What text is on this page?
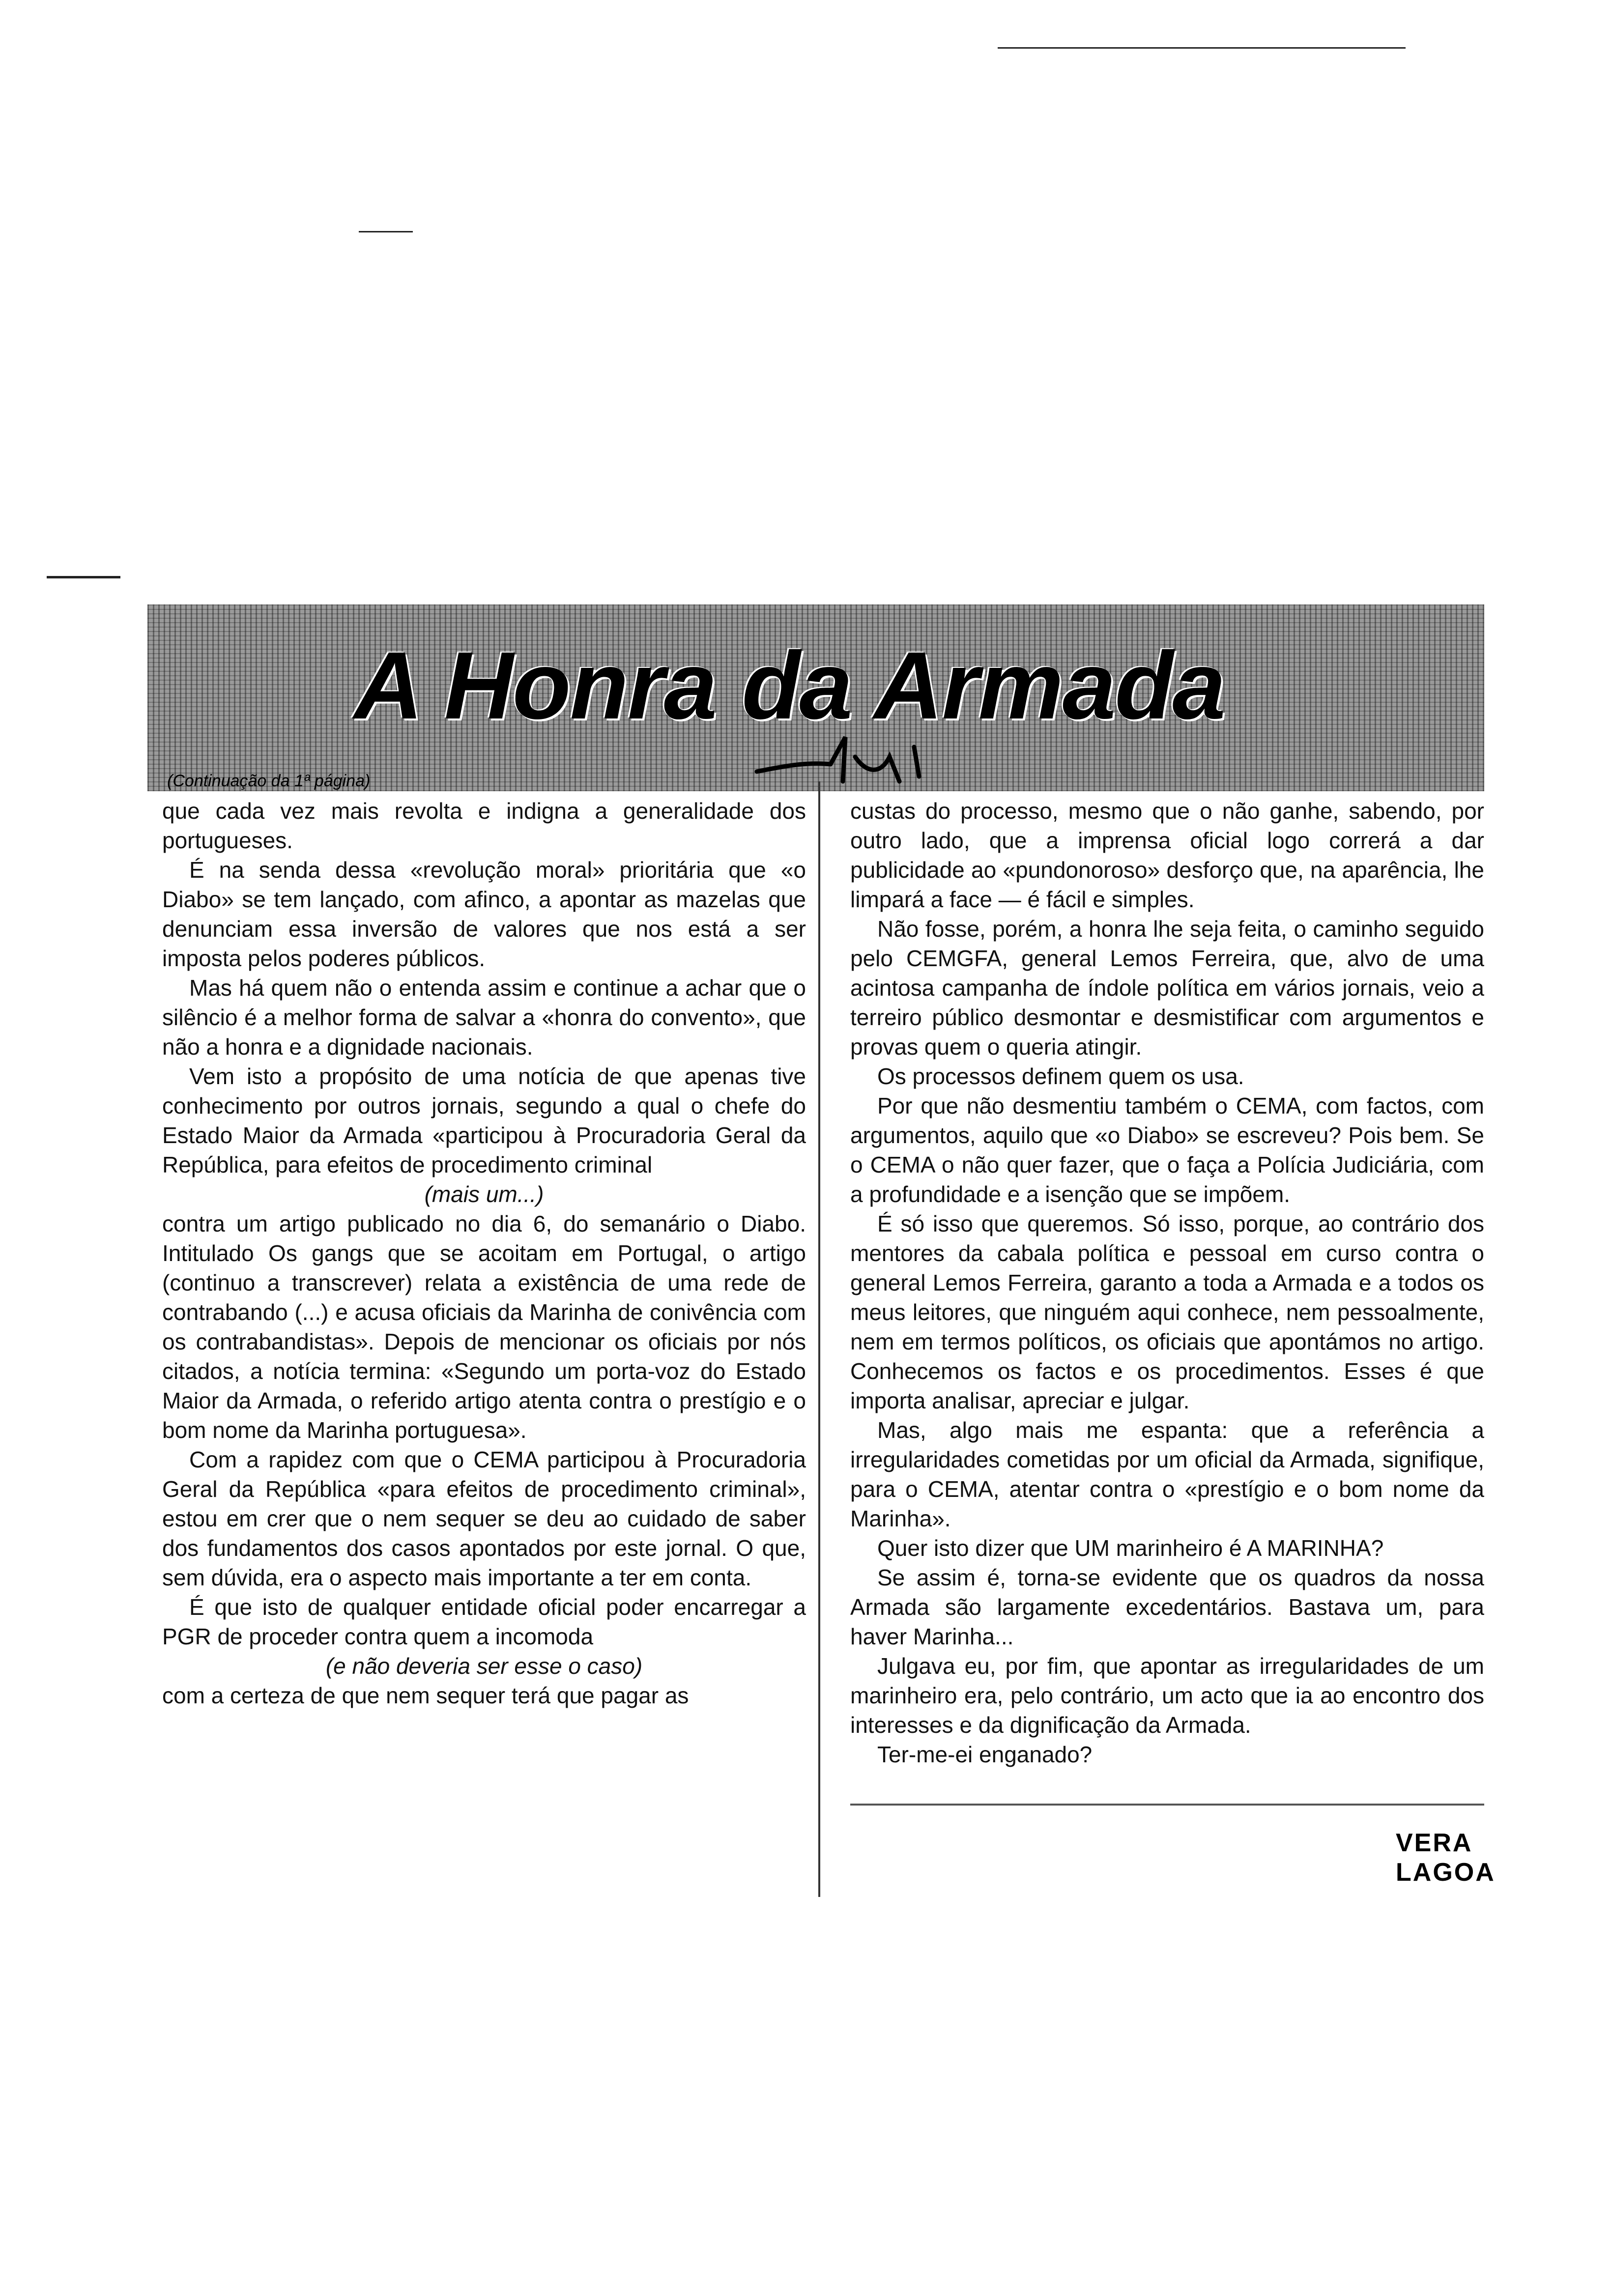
A Honra da Armada
(Continuação da 1ª página)

que cada vez mais revolta e indigna a generalidade dos portugueses.

É na senda dessa «revolução moral» prioritária que «o Diabo» se tem lançado, com afinco, a apontar as mazelas que denunciam essa inversão de valores que nos está a ser imposta pelos poderes públicos.

Mas há quem não o entenda assim e continue a achar que o silêncio é a melhor forma de salvar a «honra do convento», que não a honra e a dignidade nacionais.

Vem isto a propósito de uma notícia de que apenas tive conhecimento por outros jornais, segundo a qual o chefe do Estado Maior da Armada «participou à Procuradoria Geral da República, para efeitos de procedimento criminal

(mais um...)

contra um artigo publicado no dia 6, do semanário o Diabo. Intitulado Os gangs que se acoitam em Portugal, o artigo (continuo a transcrever) relata a existência de uma rede de contrabando (...) e acusa oficiais da Marinha de conivência com os contrabandistas». Depois de mencionar os oficiais por nós citados, a notícia termina: «Segundo um porta-voz do Estado Maior da Armada, o referido artigo atenta contra o prestígio e o bom nome da Marinha portuguesa».

Com a rapidez com que o CEMA participou à Procuradoria Geral da República «para efeitos de procedimento criminal», estou em crer que o nem sequer se deu ao cuidado de saber dos fundamentos dos casos apontados por este jornal. O que, sem dúvida, era o aspecto mais importante a ter em conta.

É que isto de qualquer entidade oficial poder encarregar a PGR de proceder contra quem a incomoda

(e não deveria ser esse o caso)

com a certeza de que nem sequer terá que pagar as

custas do processo, mesmo que o não ganhe, sabendo, por outro lado, que a imprensa oficial logo correrá a dar publicidade ao «pundonoroso» desforço que, na aparência, lhe limpará a face — é fácil e simples.

Não fosse, porém, a honra lhe seja feita, o caminho seguido pelo CEMGFA, general Lemos Ferreira, que, alvo de uma acintosa campanha de índole política em vários jornais, veio a terreiro público desmontar e desmistificar com argumentos e provas quem o queria atingir.

Os processos definem quem os usa.

Por que não desmentiu também o CEMA, com factos, com argumentos, aquilo que «o Diabo» se escreveu? Pois bem. Se o CEMA o não quer fazer, que o faça a Polícia Judiciária, com a profundidade e a isenção que se impõem.

É só isso que queremos. Só isso, porque, ao contrário dos mentores da cabala política e pessoal em curso contra o general Lemos Ferreira, garanto a toda a Armada e a todos os meus leitores, que ninguém aqui conhece, nem pessoalmente, nem em termos políticos, os oficiais que apontámos no artigo. Conhecemos os factos e os procedimentos. Esses é que importa analisar, apreciar e julgar.

Mas, algo mais me espanta: que a referência a irregularidades cometidas por um oficial da Armada, signifique, para o CEMA, atentar contra o «prestígio e o bom nome da Marinha».

Quer isto dizer que UM marinheiro é A MARINHA?

Se assim é, torna-se evidente que os quadros da nossa Armada são largamente excedentários. Bastava um, para haver Marinha...

Julgava eu, por fim, que apontar as irregularidades de um marinheiro era, pelo contrário, um acto que ia ao encontro dos interesses e da dignificação da Armada.

Ter-me-ei enganado?

VERA LAGOA
